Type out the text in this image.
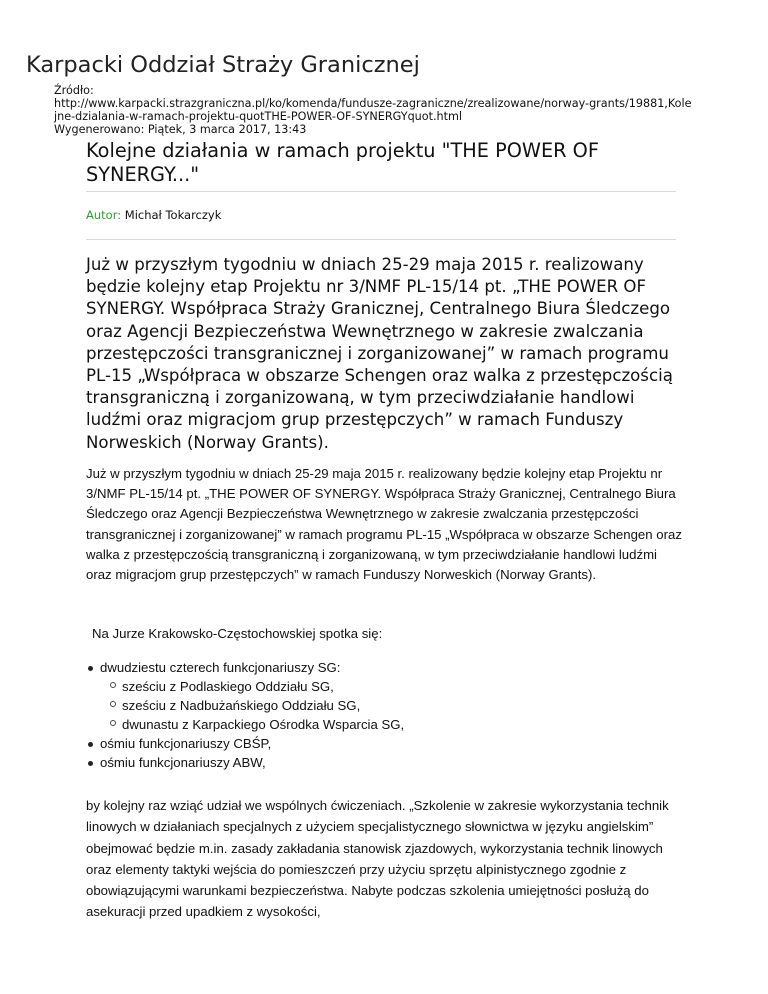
Karpacki Oddział Straży Granicznej
Źródło:
http://www.karpacki.strazgraniczna.pl/ko/komenda/fundusze-zagraniczne/zrealizowane/norway-grants/19881,Kole
jne-dzialania-w-ramach-projektu-quotTHE-POWER-OF-SYNERGYquot.html
Wygenerowano: Piątek, 3 marca 2017, 13:43
Kolejne działania w ramach projektu "THE POWER OF SYNERGY..."
Autor: Michał Tokarczyk

Już w przyszłym tygodniu w dniach 25-29 maja 2015 r. realizowany będzie kolejny etap Projektu nr 3/NMF PL-15/14 pt. „THE POWER OF SYNERGY. Współpraca Straży Granicznej, Centralnego Biura Śledczego oraz Agencji Bezpieczeństwa Wewnętrznego w zakresie zwalczania przestępczości transgranicznej i zorganizowanej” w ramach programu PL-15 „Współpraca w obszarze Schengen oraz walka z przestępczością transgraniczną i zorganizowaną, w tym przeciwdziałanie handlowi ludźmi oraz migracjom grup przestępczych” w ramach Funduszy Norweskich (Norway Grants).

Już w przyszłym tygodniu w dniach 25-29 maja 2015 r. realizowany będzie kolejny etap Projektu nr 3/NMF PL-15/14 pt. „THE POWER OF SYNERGY. Współpraca Straży Granicznej, Centralnego Biura Śledczego oraz Agencji Bezpieczeństwa Wewnętrznego w zakresie zwalczania przestępczości transgranicznej i zorganizowanej” w ramach programu PL-15 „Współpraca w obszarze Schengen oraz walka z przestępczością transgraniczną i zorganizowaną, w tym przeciwdziałanie handlowi ludźmi oraz migracjom grup przestępczych” w ramach Funduszy Norweskich (Norway Grants).

Na Jurze Krakowsko-Częstochowskiej spotka się:

dwudziestu czterech funkcjonariuszy SG:
sześciu z Podlaskiego Oddziału SG,
sześciu z Nadbużańskiego Oddziału SG,
dwunastu z Karpackiego Ośrodka Wsparcia SG,
ośmiu funkcjonariuszy CBŚP,
ośmiu funkcjonariuszy ABW,

by kolejny raz wziąć udział we wspólnych ćwiczeniach. „Szkolenie w zakresie wykorzystania technik linowych w działaniach specjalnych z użyciem specjalistycznego słownictwa w języku angielskim” obejmować będzie m.in. zasady zakładania stanowisk zjazdowych, wykorzystania technik linowych oraz elementy taktyki wejścia do pomieszczeń przy użyciu sprzętu alpinistycznego zgodnie z obowiązującymi warunkami bezpieczeństwa. Nabyte podczas szkolenia umiejętności posłużą do asekuracji przed upadkiem z wysokości,
